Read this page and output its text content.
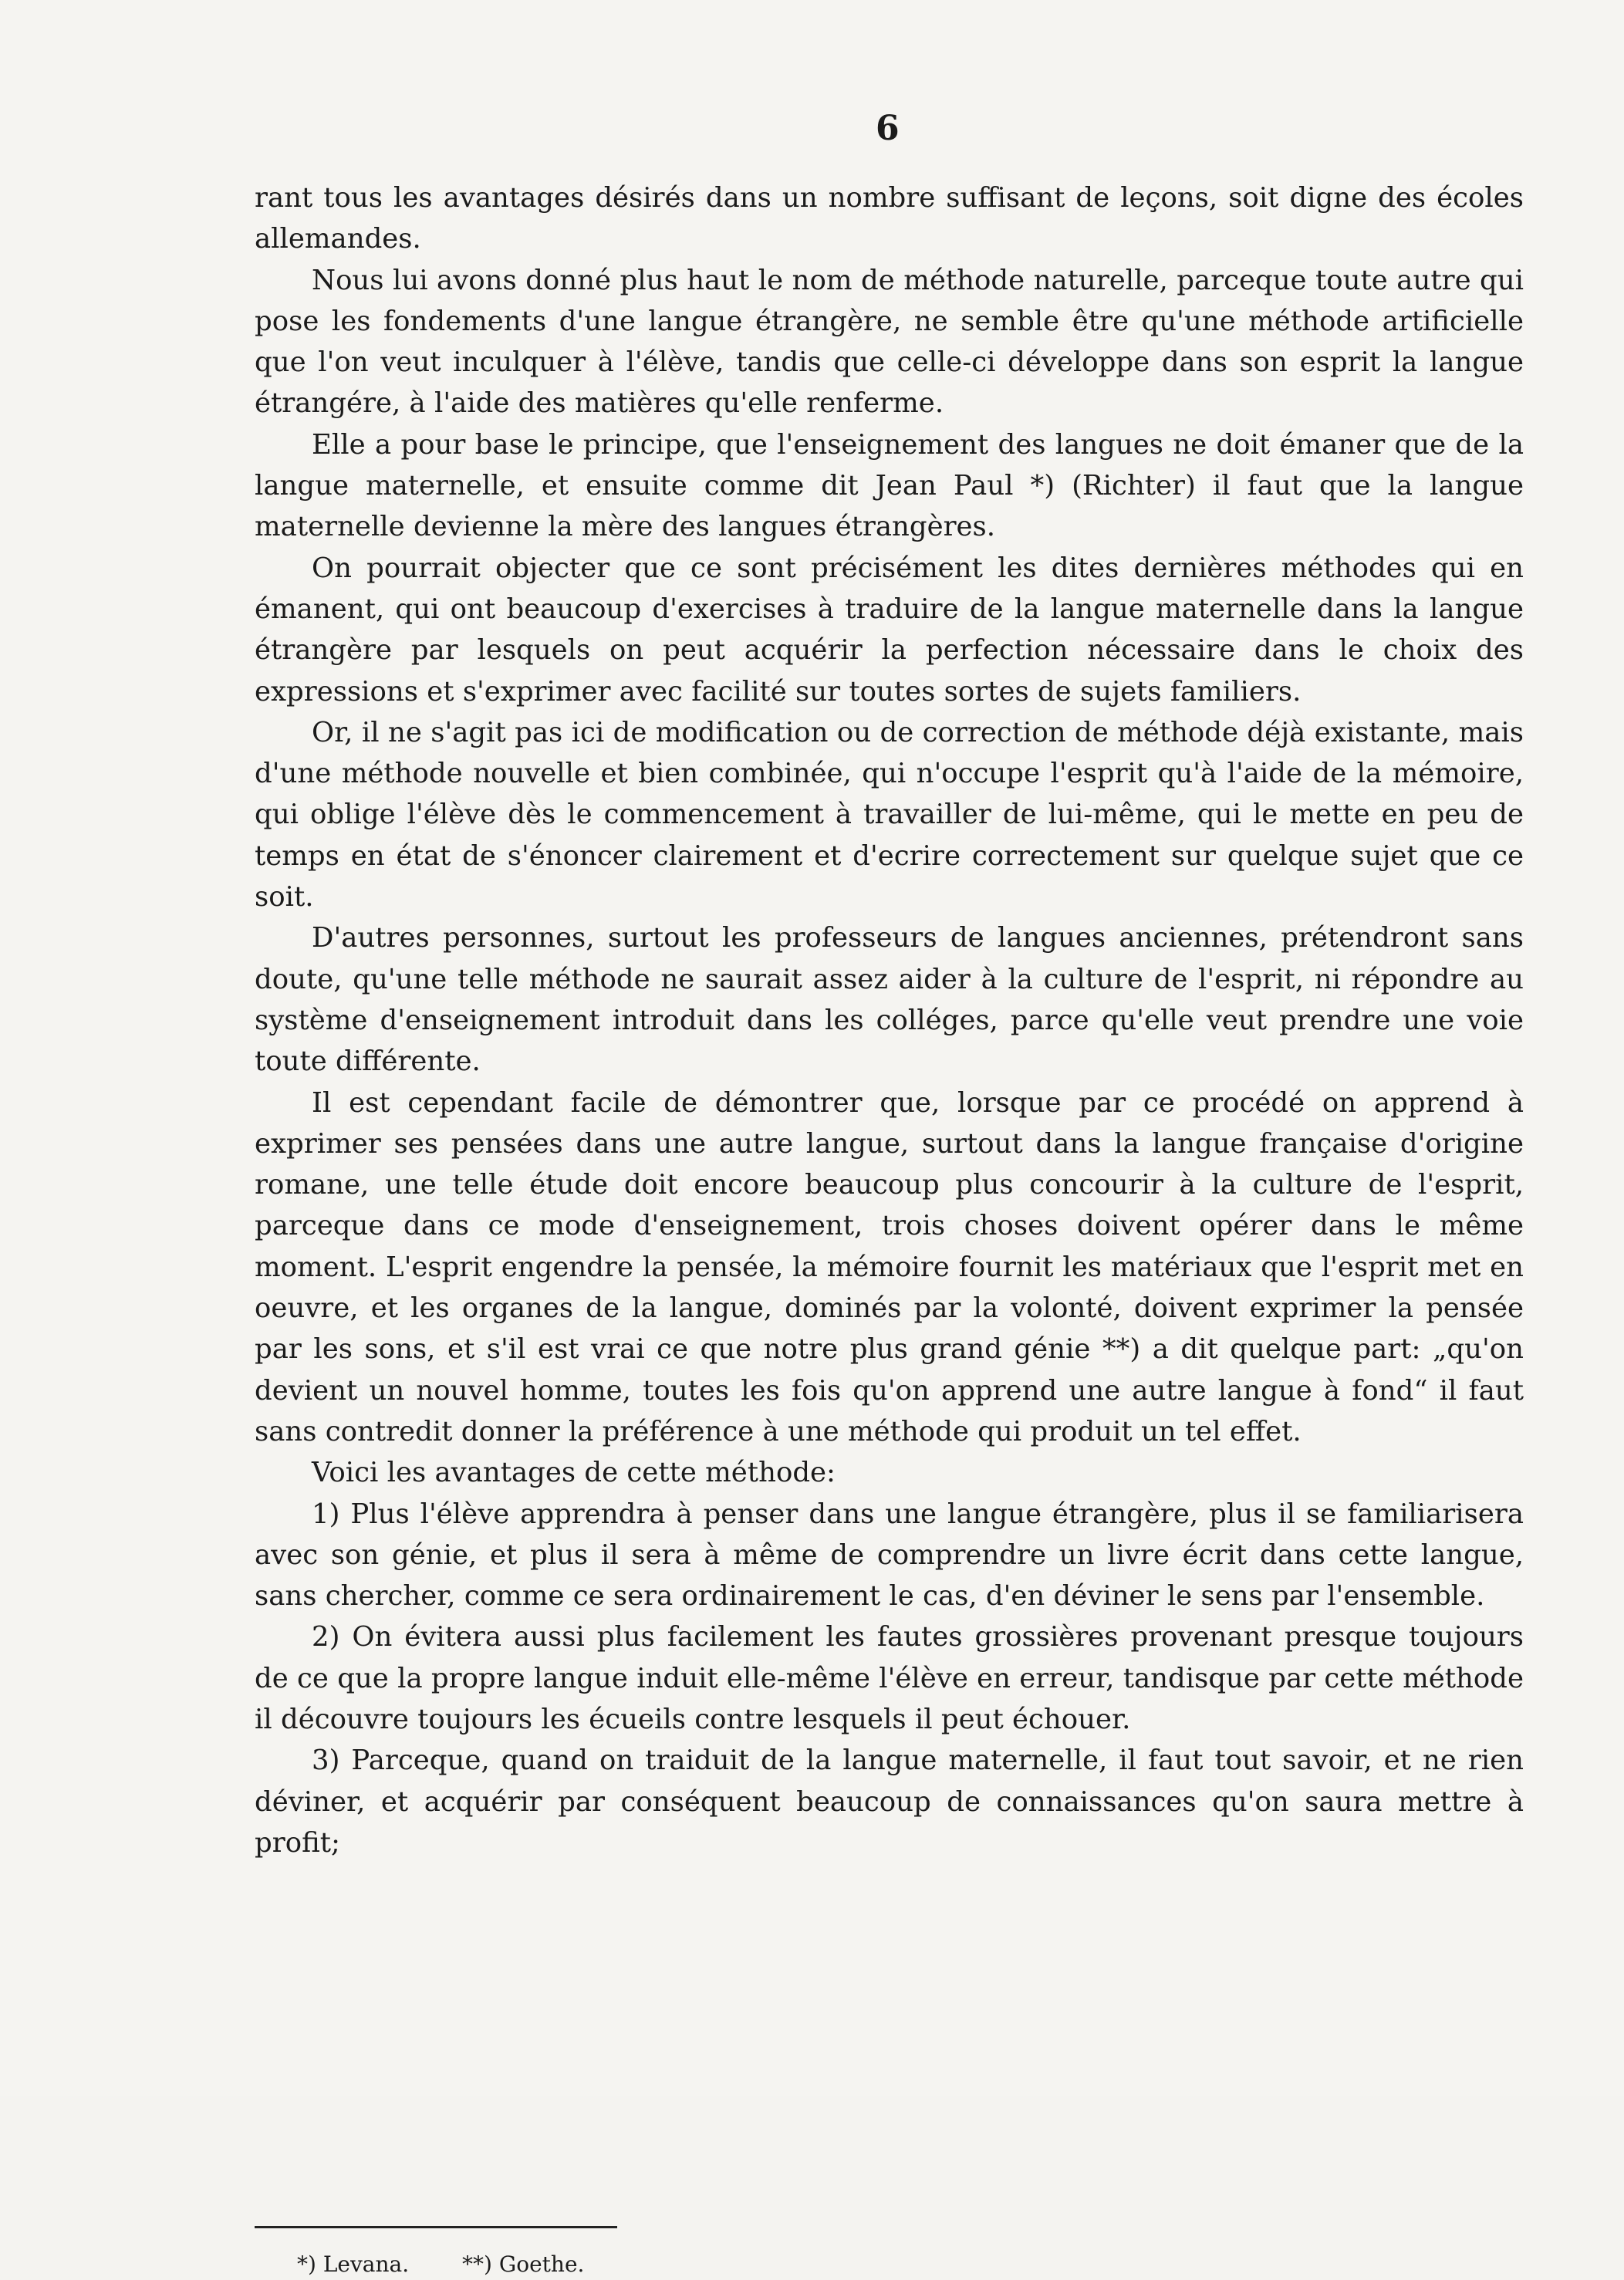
6

rant tous les avantages désirés dans un nombre suffisant de leçons, soit digne des écoles allemandes.

Nous lui avons donné plus haut le nom de méthode naturelle, parceque toute autre qui pose les fondements d'une langue étrangère, ne semble être qu'une méthode artificielle que l'on veut inculquer à l'élève, tandis que celle-ci développe dans son esprit la langue étrangére, à l'aide des matières qu'elle renferme.

Elle a pour base le principe, que l'enseignement des langues ne doit émaner que de la langue maternelle, et ensuite comme dit Jean Paul *) (Richter) il faut que la langue maternelle devienne la mère des langues étrangères.

On pourrait objecter que ce sont précisément les dites dernières méthodes qui en émanent, qui ont beaucoup d'exercises à traduire de la langue maternelle dans la langue étrangère par lesquels on peut acquérir la perfection nécessaire dans le choix des expressions et s'exprimer avec facilité sur toutes sortes de sujets familiers.

Or, il ne s'agit pas ici de modification ou de correction de méthode déjà existante, mais d'une méthode nouvelle et bien combinée, qui n'occupe l'esprit qu'à l'aide de la mémoire, qui oblige l'élève dès le commencement à travailler de lui-même, qui le mette en peu de temps en état de s'énoncer clairement et d'ecrire correctement sur quelque sujet que ce soit.

D'autres personnes, surtout les professeurs de langues anciennes, prétendront sans doute, qu'une telle méthode ne saurait assez aider à la culture de l'esprit, ni répondre au système d'enseignement introduit dans les colléges, parce qu'elle veut prendre une voie toute différente.

Il est cependant facile de démontrer que, lorsque par ce procédé on apprend à exprimer ses pensées dans une autre langue, surtout dans la langue française d'origine romane, une telle étude doit encore beaucoup plus concourir à la culture de l'esprit, parceque dans ce mode d'enseignement, trois choses doivent opérer dans le même moment. L'esprit engendre la pensée, la mémoire fournit les matériaux que l'esprit met en oeuvre, et les organes de la langue, dominés par la volonté, doivent exprimer la pensée par les sons, et s'il est vrai ce que notre plus grand génie **) a dit quelque part: „qu'on devient un nouvel homme, toutes les fois qu'on apprend une autre langue à fond“ il faut sans contredit donner la préférence à une méthode qui produit un tel effet.

Voici les avantages de cette méthode:

1) Plus l'élève apprendra à penser dans une langue étrangère, plus il se familiarisera avec son génie, et plus il sera à même de comprendre un livre écrit dans cette langue, sans chercher, comme ce sera ordinairement le cas, d'en déviner le sens par l'ensemble.

2) On évitera aussi plus facilement les fautes grossières provenant presque toujours de ce que la propre langue induit elle-même l'élève en erreur, tandisque par cette méthode il découvre toujours les écueils contre lesquels il peut échouer.

3) Parceque, quand on traiduit de la langue maternelle, il faut tout savoir, et ne rien déviner, et acquérir par conséquent beaucoup de connaissances qu'on saura mettre à profit;

*) Levana. **) Goethe.
